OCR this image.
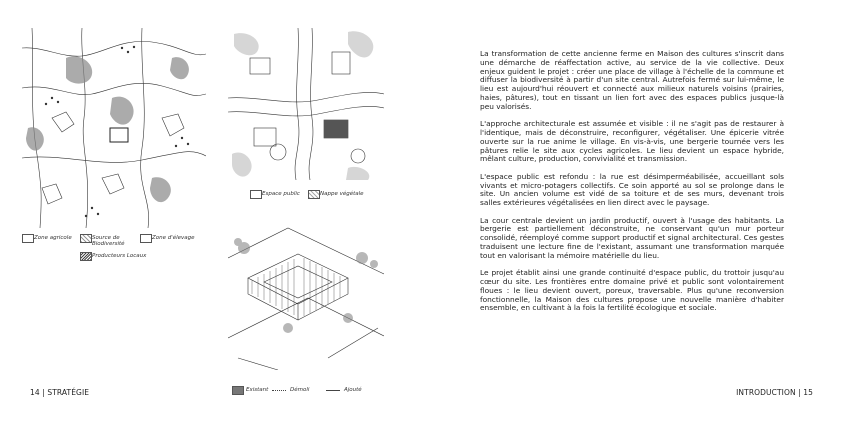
Zone agricole	Source de Biodiversité
Zone d'élevage
Producteurs Locaux
Espace public	Nappe végétale
Existant	Démoli	Ajouté
14 | STRATÉGIE

La transformation de cette ancienne ferme en Maison des cultures s'inscrit dans une démarche de réaffectation active, au service de la vie collective. Deux enjeux guident le projet : créer une place de village à l'échelle de la commune et diffuser la biodiversité à partir d'un site central. Autrefois fermé sur lui-même, le lieu est aujourd'hui réouvert et connecté aux milieux naturels voisins (prairies, haies, pâtures), tout en tissant un lien fort avec des espaces publics jusque-là peu valorisés.

L'approche architecturale est assumée et visible : il ne s'agit pas de restaurer à l'identique, mais de déconstruire, reconfigurer, végétaliser. Une épicerie vitrée ouverte sur la rue anime le village. En vis-à-vis, une bergerie tournée vers les pâtures relie le site aux cycles agricoles. Le lieu devient un espace hybride, mêlant culture, production, convivialité et transmission.

L'espace public est refondu : la rue est désimperméabilisée, accueillant sols vivants et micro-potagers collectifs. Ce soin apporté au sol se prolonge dans le site. Un ancien volume est vidé de sa toiture et de ses murs, devenant trois salles extérieures végétalisées en lien direct avec le paysage.

La cour centrale devient un jardin productif, ouvert à l'usage des habitants. La bergerie est partiellement déconstruite, ne conservant qu'un mur porteur consolidé, réemployé comme support productif et signal architectural. Ces gestes traduisent une lecture fine de l'existant, assumant une transformation marquée tout en valorisant la mémoire matérielle du lieu.

Le projet établit ainsi une grande continuité d'espace public, du trottoir jusqu'au cœur du site. Les frontières entre domaine privé et public sont volontairement floues : le lieu devient ouvert, poreux, traversable. Plus qu'une reconversion fonctionnelle, la Maison des cultures propose une nouvelle manière d'habiter ensemble, en cultivant à la fois la fertilité écologique et sociale.

INTRODUCTION | 15
